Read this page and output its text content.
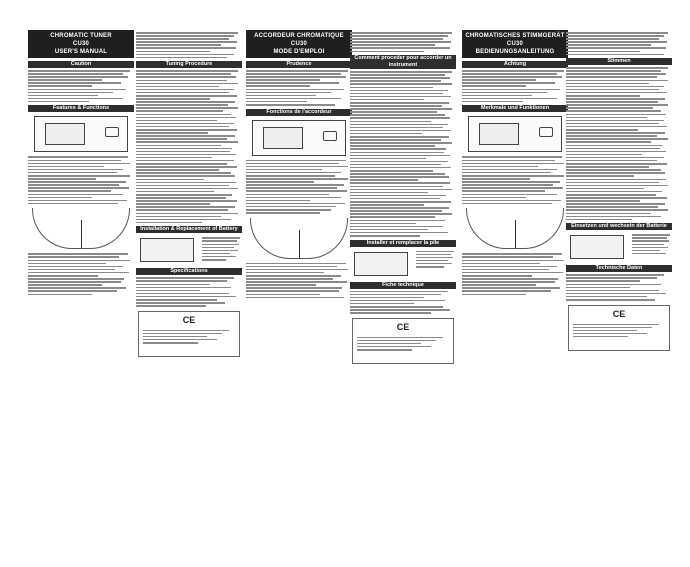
CHROMATIC TUNER
CU30
USER'S MANUAL
Caution
Features & Functions
Tuning Procedure
Installation & Replacement of Battery
Specifications
CE
ACCORDEUR CHROMATIQUE
CU30
MODE D'EMPLOI
Prudence
Fonctions de l'accordeur
Comment proceder pour accorder un instrument
Installer et remplacer la pile
Fiche technique
CE
CHROMATISCHES STIMMGERÄT
CU30
BEDIENUNGSANLEITUNG
Achtung
Merkmale und Funktionen
Stimmen
Einsetzen und wechseln der Batterie
Technische Daten
CE
